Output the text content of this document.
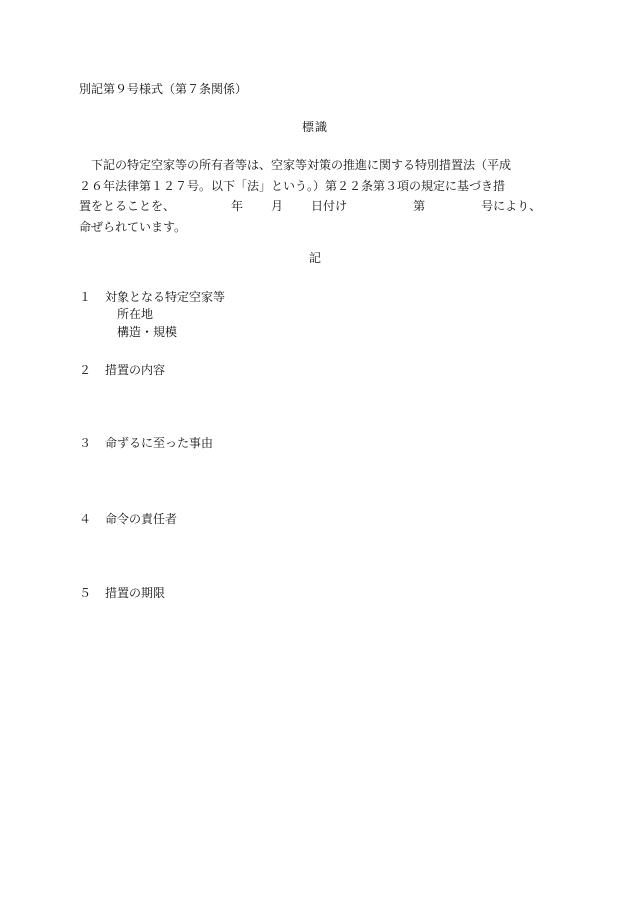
別記第９号様式（第７条関係）
標識
下記の特定空家等の所有者等は、空家等対策の推進に関する特別措置法（平成
２６年法律第１２７号。以下「法」という。）第２２条第３項の規定に基づき措
置をとることを、	年 月 日付け	第	号により、
命ぜられています。
記
１ 対象となる特定空家等
所在地
構造・規模
２ 措置の内容
３ 命ずるに至った事由
４ 命令の責任者
５ 措置の期限
